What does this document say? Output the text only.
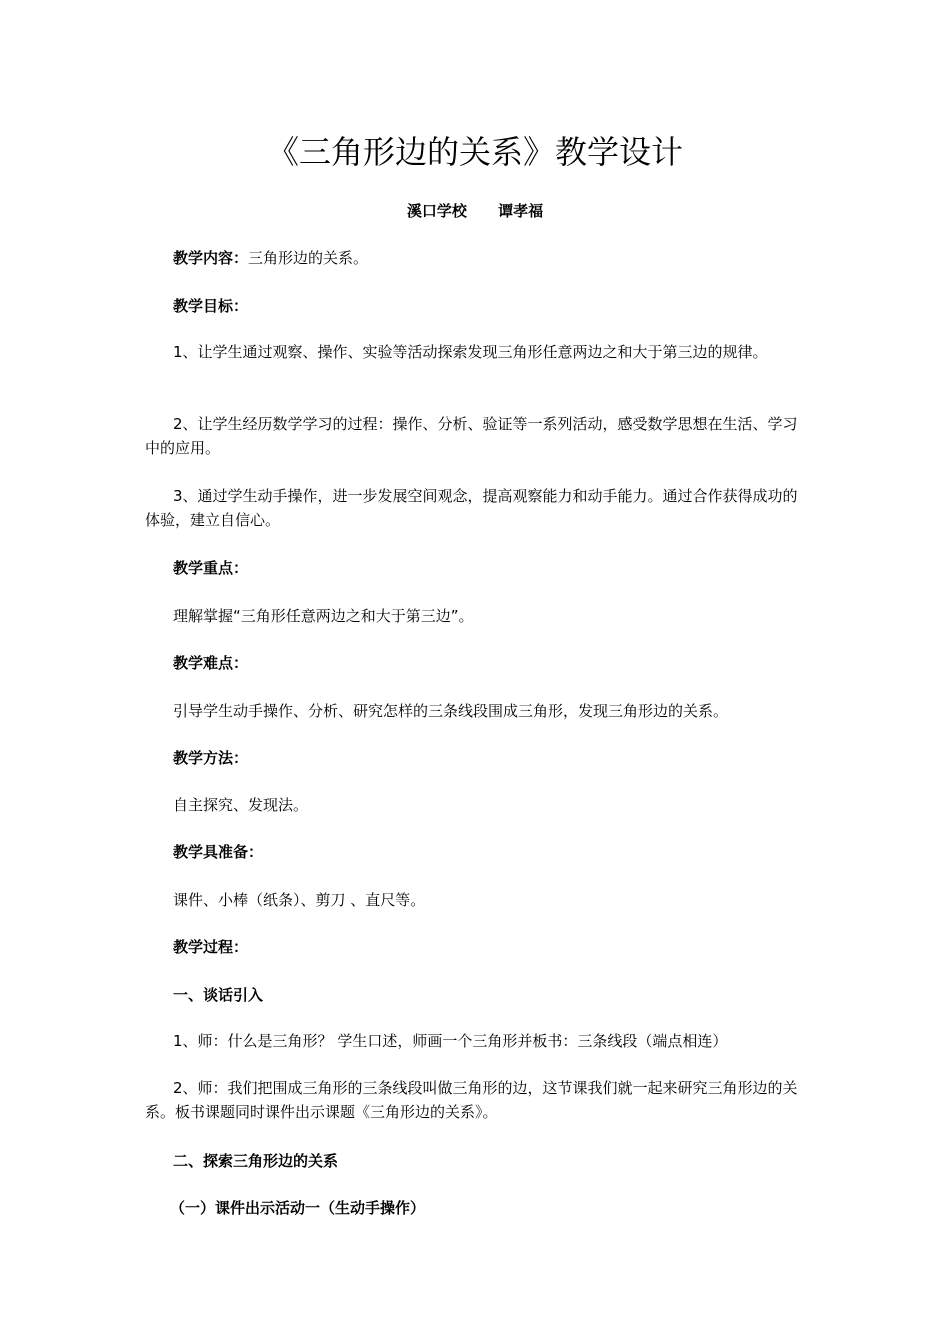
《三角形边的关系》教学设计
溪口学校      谭孝福

教学内容：三角形边的关系。

教学目标：

1、让学生通过观察、操作、实验等活动探索发现三角形任意两边之和大于第三边的规律。

2、让学生经历数学学习的过程：操作、分析、验证等一系列活动，感受数学思想在生活、学习中的应用。

3、通过学生动手操作，进一步发展空间观念，提高观察能力和动手能力。通过合作获得成功的体验，建立自信心。

教学重点：

理解掌握“三角形任意两边之和大于第三边”。

教学难点：

引导学生动手操作、分析、研究怎样的三条线段围成三角形，发现三角形边的关系。

教学方法：

自主探究、发现法。

教学具准备：

课件、小棒（纸条）、剪刀 、直尺等。

教学过程：

一、谈话引入

1、师：什么是三角形？ 学生口述，师画一个三角形并板书：三条线段（端点相连）

2、师：我们把围成三角形的三条线段叫做三角形的边，这节课我们就一起来研究三角形边的关系。板书课题同时课件出示课题《三角形边的关系》。

二、探索三角形边的关系

（一）课件出示活动一（生动手操作）
